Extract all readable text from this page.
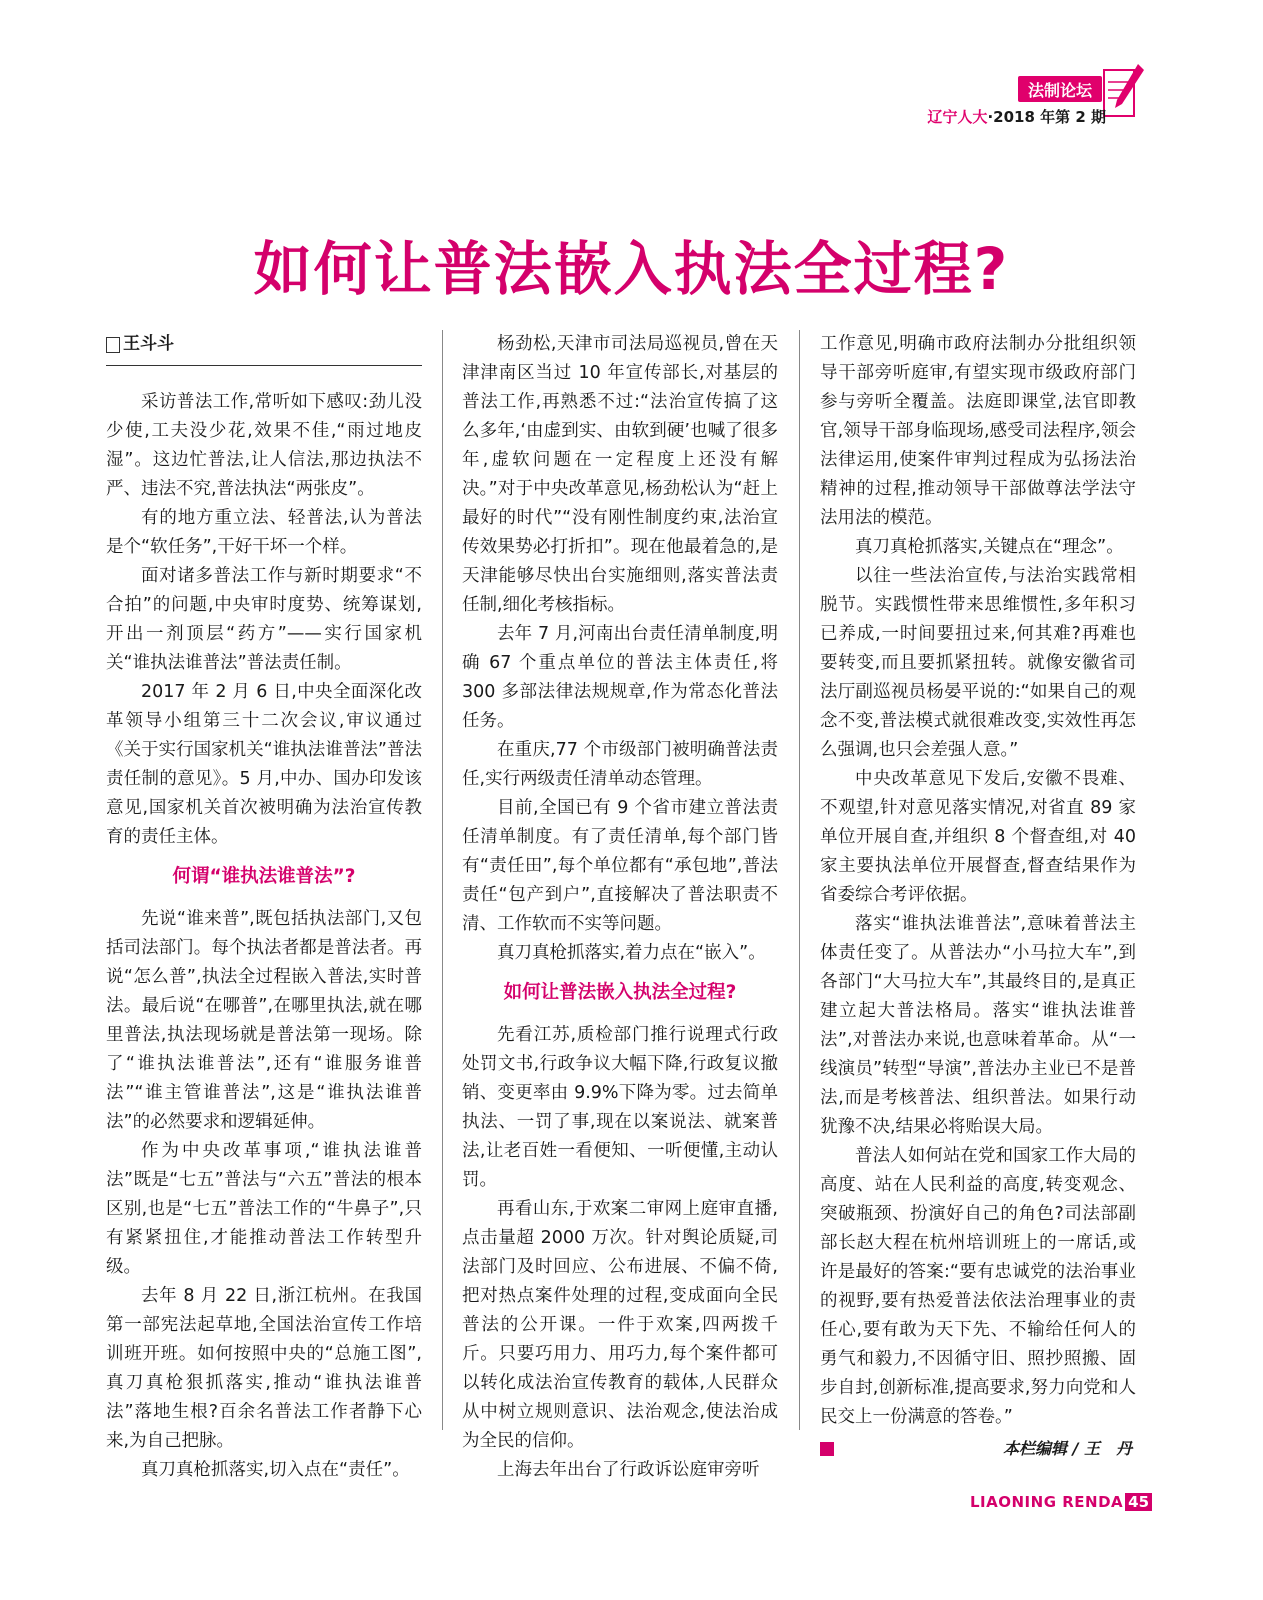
法制论坛
辽宁人大·2018 年第 2 期
如何让普法嵌入执法全过程?
王斗斗

采访普法工作,常听如下感叹:劲儿没少使,工夫没少花,效果不佳,“雨过地皮湿”。这边忙普法,让人信法,那边执法不严、违法不究,普法执法“两张皮”。

有的地方重立法、轻普法,认为普法是个“软任务”,干好干坏一个样。

面对诸多普法工作与新时期要求“不合拍”的问题,中央审时度势、统筹谋划,开出一剂顶层“药方”——实行国家机关“谁执法谁普法”普法责任制。

2017 年 2 月 6 日,中央全面深化改革领导小组第三十二次会议,审议通过《关于实行国家机关“谁执法谁普法”普法责任制的意见》。5 月,中办、国办印发该意见,国家机关首次被明确为法治宣传教育的责任主体。

何谓“谁执法谁普法”?

先说“谁来普”,既包括执法部门,又包括司法部门。每个执法者都是普法者。再说“怎么普”,执法全过程嵌入普法,实时普法。最后说“在哪普”,在哪里执法,就在哪里普法,执法现场就是普法第一现场。除了“谁执法谁普法”,还有“谁服务谁普法”“谁主管谁普法”,这是“谁执法谁普法”的必然要求和逻辑延伸。

作为中央改革事项,“谁执法谁普法”既是“七五”普法与“六五”普法的根本区别,也是“七五”普法工作的“牛鼻子”,只有紧紧扭住,才能推动普法工作转型升级。

去年 8 月 22 日,浙江杭州。在我国第一部宪法起草地,全国法治宣传工作培训班开班。如何按照中央的“总施工图”,真刀真枪狠抓落实,推动“谁执法谁普法”落地生根?百余名普法工作者静下心来,为自己把脉。

真刀真枪抓落实,切入点在“责任”。

杨劲松,天津市司法局巡视员,曾在天津津南区当过 10 年宣传部长,对基层的普法工作,再熟悉不过:“法治宣传搞了这么多年,‘由虚到实、由软到硬’也喊了很多年,虚软问题在一定程度上还没有解决。”对于中央改革意见,杨劲松认为“赶上最好的时代”“没有刚性制度约束,法治宣传效果势必打折扣”。现在他最着急的,是天津能够尽快出台实施细则,落实普法责任制,细化考核指标。

去年 7 月,河南出台责任清单制度,明确 67 个重点单位的普法主体责任,将 300 多部法律法规规章,作为常态化普法任务。

在重庆,77 个市级部门被明确普法责任,实行两级责任清单动态管理。

目前,全国已有 9 个省市建立普法责任清单制度。有了责任清单,每个部门皆有“责任田”,每个单位都有“承包地”,普法责任“包产到户”,直接解决了普法职责不清、工作软而不实等问题。

真刀真枪抓落实,着力点在“嵌入”。

如何让普法嵌入执法全过程?

先看江苏,质检部门推行说理式行政处罚文书,行政争议大幅下降,行政复议撤销、变更率由 9.9%下降为零。过去简单执法、一罚了事,现在以案说法、就案普法,让老百姓一看便知、一听便懂,主动认罚。

再看山东,于欢案二审网上庭审直播,点击量超 2000 万次。针对舆论质疑,司法部门及时回应、公布进展、不偏不倚,把对热点案件处理的过程,变成面向全民普法的公开课。一件于欢案,四两拨千斤。只要巧用力、用巧力,每个案件都可以转化成法治宣传教育的载体,人民群众从中树立规则意识、法治观念,使法治成为全民的信仰。

上海去年出台了行政诉讼庭审旁听

工作意见,明确市政府法制办分批组织领导干部旁听庭审,有望实现市级政府部门参与旁听全覆盖。法庭即课堂,法官即教官,领导干部身临现场,感受司法程序,领会法律运用,使案件审判过程成为弘扬法治精神的过程,推动领导干部做尊法学法守法用法的模范。

真刀真枪抓落实,关键点在“理念”。

以往一些法治宣传,与法治实践常相脱节。实践惯性带来思维惯性,多年积习已养成,一时间要扭过来,何其难?再难也要转变,而且要抓紧扭转。就像安徽省司法厅副巡视员杨晏平说的:“如果自己的观念不变,普法模式就很难改变,实效性再怎么强调,也只会差强人意。”

中央改革意见下发后,安徽不畏难、不观望,针对意见落实情况,对省直 89 家单位开展自查,并组织 8 个督查组,对 40 家主要执法单位开展督查,督查结果作为省委综合考评依据。

落实“谁执法谁普法”,意味着普法主体责任变了。从普法办“小马拉大车”,到各部门“大马拉大车”,其最终目的,是真正建立起大普法格局。落实“谁执法谁普法”,对普法办来说,也意味着革命。从“一线演员”转型“导演”,普法办主业已不是普法,而是考核普法、组织普法。如果行动犹豫不决,结果必将贻误大局。

普法人如何站在党和国家工作大局的高度、站在人民利益的高度,转变观念、突破瓶颈、扮演好自己的角色?司法部副部长赵大程在杭州培训班上的一席话,或许是最好的答案:“要有忠诚党的法治事业的视野,要有热爱普法依法治理事业的责任心,要有敢为天下先、不输给任何人的勇气和毅力,不因循守旧、照抄照搬、固步自封,创新标准,提高要求,努力向党和人民交上一份满意的答卷。”

本栏编辑 / 王　丹
LIAONING RENDA 45
